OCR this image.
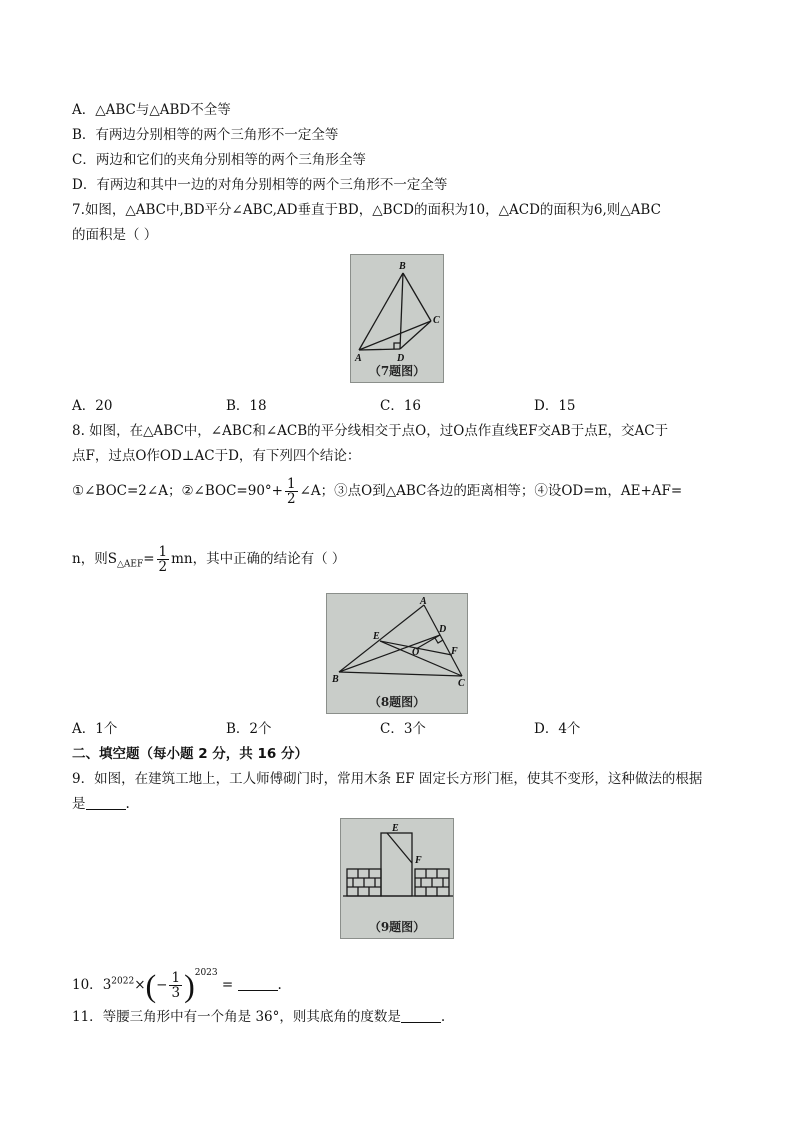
A．△ABC与△ABD不全等
B．有两边分别相等的两个三角形不一定全等
C．两边和它们的夹角分别相等的两个三角形全等
D．有两边和其中一边的对角分别相等的两个三角形不一定全等
7.如图，△ABC中,BD平分∠ABC,AD垂直于BD，△BCD的面积为10，△ACD的面积为6,则△ABC
的面积是（ ）
B
C
A	D
（7题图）
A．20	B．18	C．16	D．15
8. 如图，在△ABC中，∠ABC和∠ACB的平分线相交于点O，过O点作直线EF交AB于点E，交AC于
点F，过点O作OD⊥AC于D，有下列四个结论：
①∠BOC=2∠A；②∠BOC=90°+ $\frac{1}{2}$ ∠A；③点O到△ABC各边的距离相等；④设OD=m，AE+AF=
n，则$S_{\triangle AEF}= \frac{1}{2}$ mn，其中正确的结论有（ ）
A
D
E
F
O
B	C
（8题图）
A．1个	B．2个	C．3个	D．4个
二、填空题（每小题 2 分，共 16 分）
9．如图，在建筑工地上，工人师傅砌门时，常用木条 EF 固定长方形门框，使其不变形，这种做法的根据
是	.
E
F
（9题图）
10．$3^{2022}\times(- \frac{1}{3} )^{2023}$ =	.
11．等腰三角形中有一个角是 36°，则其底角的度数是	.
